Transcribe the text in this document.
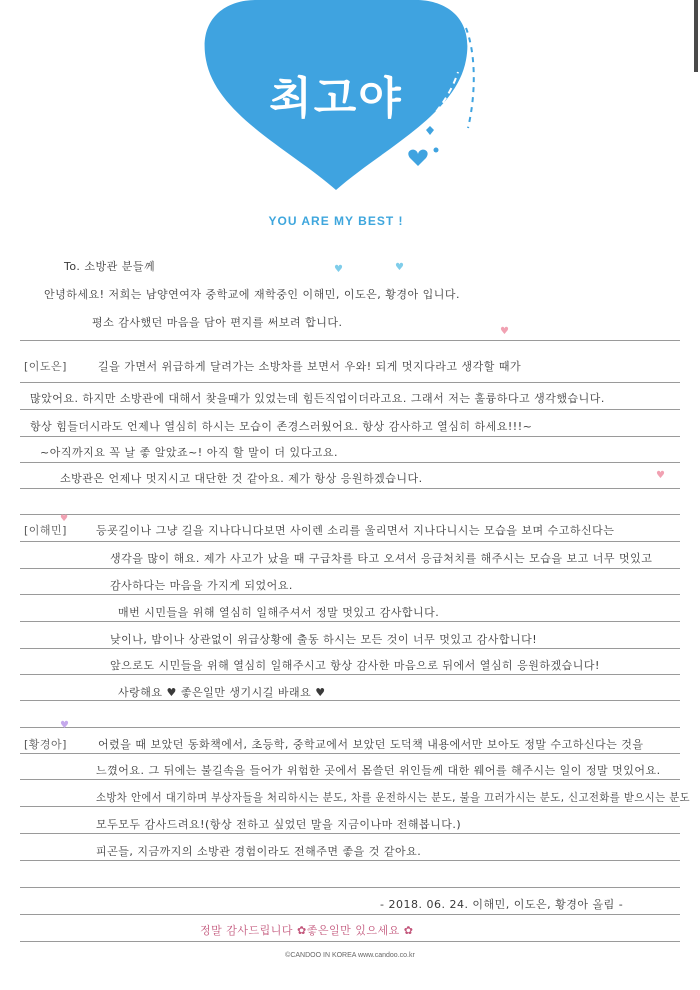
최고야
YOU ARE MY BEST !
♥	♥
♥
♥
♥
♥
To. 소방관 분들께
안녕하세요! 저희는 남양연여자 중학교에 재학중인 이해민, 이도은, 황경아 입니다.
평소 감사했던 마음을 담아 편지를 써보려 합니다.
[이도은]	길을 가면서 위급하게 달려가는 소방차를 보면서 우와! 되게 멋지다라고 생각할 때가
많았어요. 하지만 소방관에 대해서 찾을때가 있었는데 힘든직업이더라고요. 그래서 저는 훌륭하다고 생각했습니다.
항상 힘들더시라도 언제나 열심히 하시는 모습이 존경스러웠어요. 항상 감사하고 열심히 하세요!!!~
~아직까지요 꼭 날 좋 알았죠~! 아직 할 말이 더 있다고요.
소방관은 언제나 멋지시고 대단한 것 같아요. 제가 항상 응원하겠습니다.
[이해민]	등굣길이나 그냥 길을 지나다니다보면 사이렌 소리를 울리면서 지나다니시는 모습을 보며 수고하신다는
생각을 많이 해요. 제가 사고가 났을 때 구급차를 타고 오셔서 응급처치를 해주시는 모습을 보고 너무 멋있고
감사하다는 마음을 가지게 되었어요.
매번 시민들을 위해 열심히 일해주셔서 정말 멋있고 감사합니다.
낮이나, 밤이나 상관없이 위급상황에 출동 하시는 모든 것이 너무 멋있고 감사합니다!
앞으로도 시민들을 위해 열심히 일해주시고 항상 감사한 마음으로 뒤에서 열심히 응원하겠습니다!
사랑해요 ♥ 좋은일만 생기시길 바래요 ♥
[황경아]	어렸을 때 보았던 동화책에서, 초등학, 중학교에서 보았던 도덕책 내용에서만 보아도 정말 수고하신다는 것을
느꼈어요. 그 뒤에는 불길속을 들어가 위험한 곳에서 몸쓸던 위인들께 대한 웨어를 해주시는 일이 정말 멋있어요.
소방차 안에서 대기하며 부상자들을 처리하시는 분도, 차를 운전하시는 분도, 불을 끄러가시는 분도, 신고전화를 받으시는 분도
모두모두 감사드려요!(항상 전하고 싶었던 말을 지금이나마 전해봅니다.)
피곤들, 지금까지의 소방관 경험이라도 전해주면 좋을 것 같아요.
- 2018. 06. 24. 이해민, 이도은, 황경아 올림 -
정말 감사드립니다 ✿좋은일만 있으세요 ✿
©CANDOO IN KOREA www.candoo.co.kr
